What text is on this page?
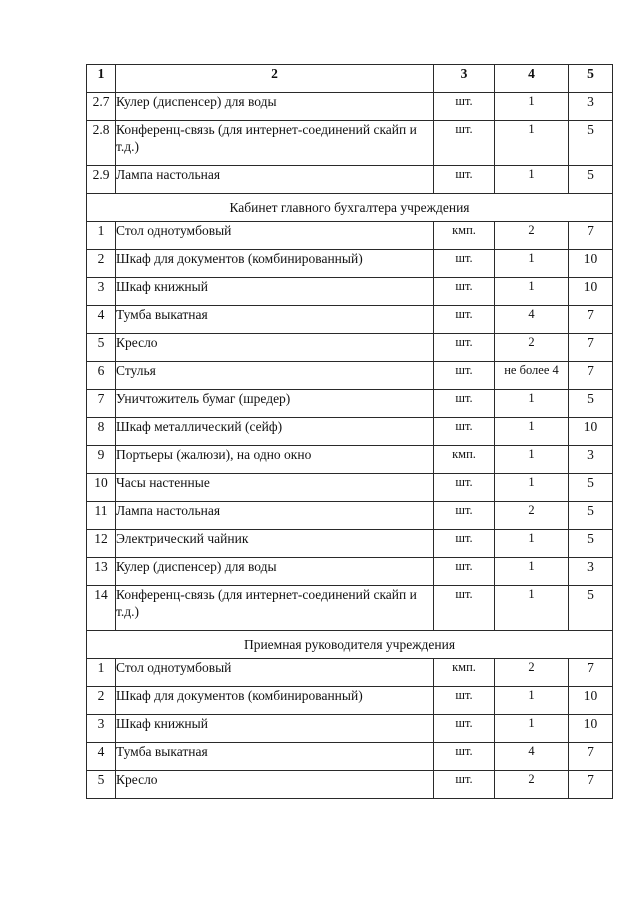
1	2	3	4	5
2.7	Кулер (диспенсер) для воды	шт.	1	3
2.8	Конференц-связь (для интернет-соединений скайп и т.д.)	шт.	1	5
2.9	Лампа настольная	шт.	1	5
Кабинет главного бухгалтера учреждения				
1	Стол однотумбовый	кмп.	2	7
2	Шкаф для документов (комбинированный)	шт.	1	10
3	Шкаф книжный	шт.	1	10
4	Тумба выкатная	шт.	4	7
5	Кресло	шт.	2	7
6	Стулья	шт.	не более 4	7
7	Уничтожитель бумаг (шредер)	шт.	1	5
8	Шкаф металлический (сейф)	шт.	1	10
9	Портьеры (жалюзи), на одно окно	кмп.	1	3
10	Часы настенные	шт.	1	5
11	Лампа настольная	шт.	2	5
12	Электрический чайник	шт.	1	5
13	Кулер (диспенсер) для воды	шт.	1	3
14	Конференц-связь (для интернет-соединений скайп и т.д.)	шт.	1	5
Приемная руководителя учреждения				
1	Стол однотумбовый	кмп.	2	7
2	Шкаф для документов (комбинированный)	шт.	1	10
3	Шкаф книжный	шт.	1	10
4	Тумба выкатная	шт.	4	7
5	Кресло	шт.	2	7
